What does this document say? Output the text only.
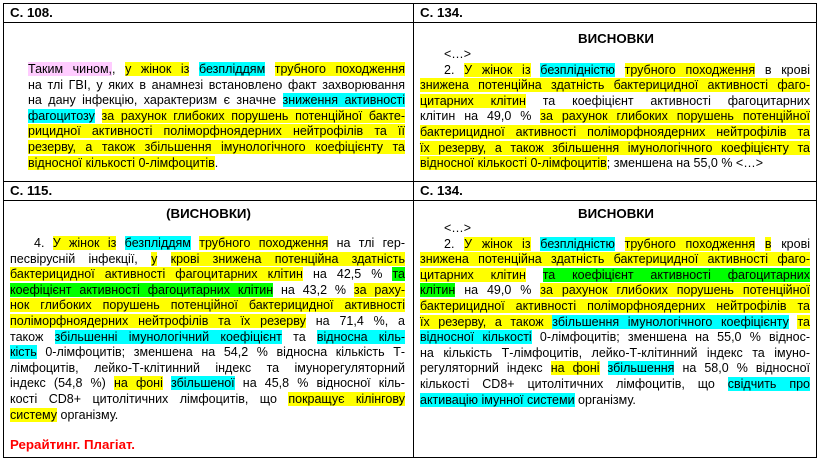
С. 108.
Таким чином,, у жінок із безпліддям трубного походження
на тлі ГВІ, у яких в анамнезі встановлено факт захворювання
на дану інфекцію, характеризм є значне зниження активності
фагоцитозу за рахунок глибоких порушень потенційної бакте-
рицидної активності поліморфноядерних нейтрофілів та її
резерву, а також збільшення імунологічного коефіцієнту та
відносної кількості 0-лімфоцитів.
С. 134.
ВИСНОВКИ
<…>
2. У жінок із безплідністю трубного походження в крові
знижена потенційна здатність бактерицидної активності фаго-
цитарних клітин та коефіцієнт активності фагоцитарних
клітин на 49,0 % за рахунок глибоких порушень потенційної
бактерицидної активності поліморфноядерних нейтрофілів та
їх резерву, а також збільшення імунологічного коефіцієнту та
відносної кількості 0-лімфоцитів; зменшена на 55,0 % <…>
С. 115.
(ВИСНОВКИ)
4. У жінок із безпліддям трубного походження на тлі гер-
песвірусній інфекції, у крові знижена потенційна здатність
бактерицидної активності фагоцитарних клітин на 42,5 % та
коефіцієнт активності фагоцитарних клітин на 43,2 % за раху-
нок глибоких порушень потенційної бактерицидної активності
поліморфноядерних нейтрофілів та їх резерву на 71,4 %, а
також збільшенні імунологічний коефіцієнт та відносна кіль-
кість 0-лімфоцитів; зменшена на 54,2 % відносна кількість Т-
лімфоцитів, лейко-Т-клітинний індекс та імунорегуляторний
індекс (54,8 %) на фоні збільшеної на 45,8 % відносної кіль-
кості CD8+ цитолітичних лімфоцитів, що покращує кілінгову
систему організму.
Рерайтинг. Плагіат.
С. 134.
ВИСНОВКИ
<…>
2. У жінок із безплідністю трубного походження в крові
знижена потенційна здатність бактерицидної активності фаго-
цитарних клітин та коефіцієнт активності фагоцитарних
клітин на 49,0 % за рахунок глибоких порушень потенційної
бактерицидної активності поліморфноядерних нейтрофілів та
їх резерву, а також збільшення імунологічного коефіцієнту та
відносної кількості 0-лімфоцитів; зменшена на 55,0 % віднос-
на кількість Т-лімфоцитів, лейко-Т-клітинний індекс та імуно-
регуляторний індекс на фоні збільшення на 58,0 % відносної
кількості CD8+ цитолітичних лімфоцитів, що свідчить про
активацію імунної системи організму.
